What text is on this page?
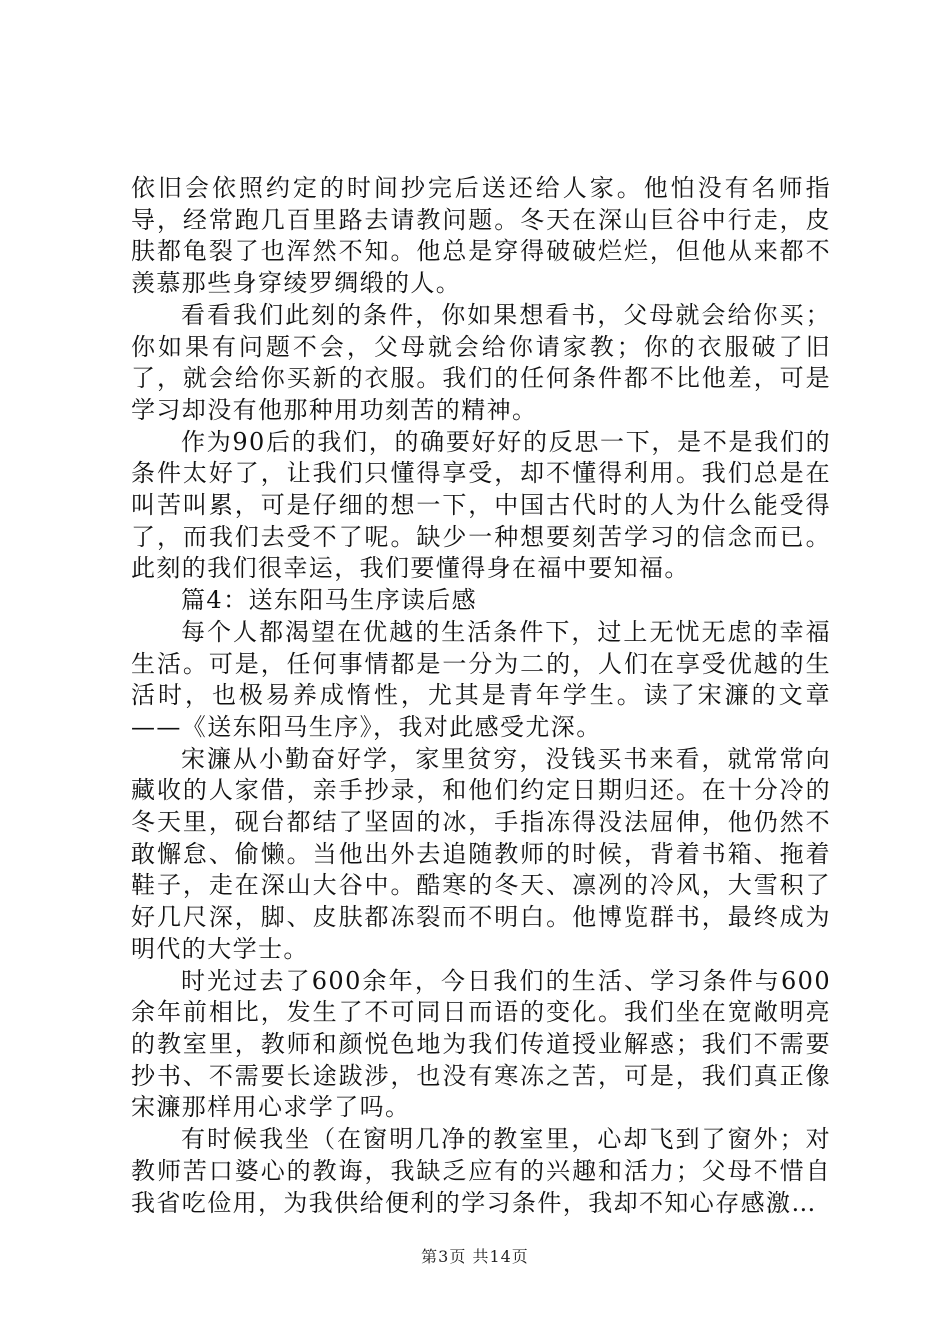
依旧会依照约定的时间抄完后送还给人家。他怕没有名师指导，经常跑几百里路去请教问题。冬天在深山巨谷中行走，皮肤都龟裂了也浑然不知。他总是穿得破破烂烂，但他从来都不羡慕那些身穿绫罗绸缎的人。

看看我们此刻的条件，你如果想看书，父母就会给你买；你如果有问题不会，父母就会给你请家教；你的衣服破了旧了，就会给你买新的衣服。我们的任何条件都不比他差，可是学习却没有他那种用功刻苦的精神。

作为90后的我们，的确要好好的反思一下，是不是我们的条件太好了，让我们只懂得享受，却不懂得利用。我们总是在叫苦叫累，可是仔细的想一下，中国古代时的人为什么能受得了，而我们去受不了呢。缺少一种想要刻苦学习的信念而已。此刻的我们很幸运，我们要懂得身在福中要知福。

篇4：送东阳马生序读后感

每个人都渴望在优越的生活条件下，过上无忧无虑的幸福生活。可是，任何事情都是一分为二的，人们在享受优越的生活时，也极易养成惰性，尤其是青年学生。读了宋濂的文章——《送东阳马生序》，我对此感受尤深。

宋濂从小勤奋好学，家里贫穷，没钱买书来看，就常常向藏收的人家借，亲手抄录，和他们约定日期归还。在十分冷的冬天里，砚台都结了坚固的冰，手指冻得没法屈伸，他仍然不敢懈怠、偷懒。当他出外去追随教师的时候，背着书箱、拖着鞋子，走在深山大谷中。酷寒的冬天、凛冽的冷风，大雪积了好几尺深，脚、皮肤都冻裂而不明白。他博览群书，最终成为明代的大学士。

时光过去了600余年，今日我们的生活、学习条件与600余年前相比，发生了不可同日而语的变化。我们坐在宽敞明亮的教室里，教师和颜悦色地为我们传道授业解惑；我们不需要抄书、不需要长途跋涉，也没有寒冻之苦，可是，我们真正像宋濂那样用心求学了吗。

有时候我坐（在窗明几净的教室里，心却飞到了窗外；对教师苦口婆心的教诲，我缺乏应有的兴趣和活力；父母不惜自我省吃俭用，为我供给便利的学习条件，我却不知心存感激…

第3页 共14页
